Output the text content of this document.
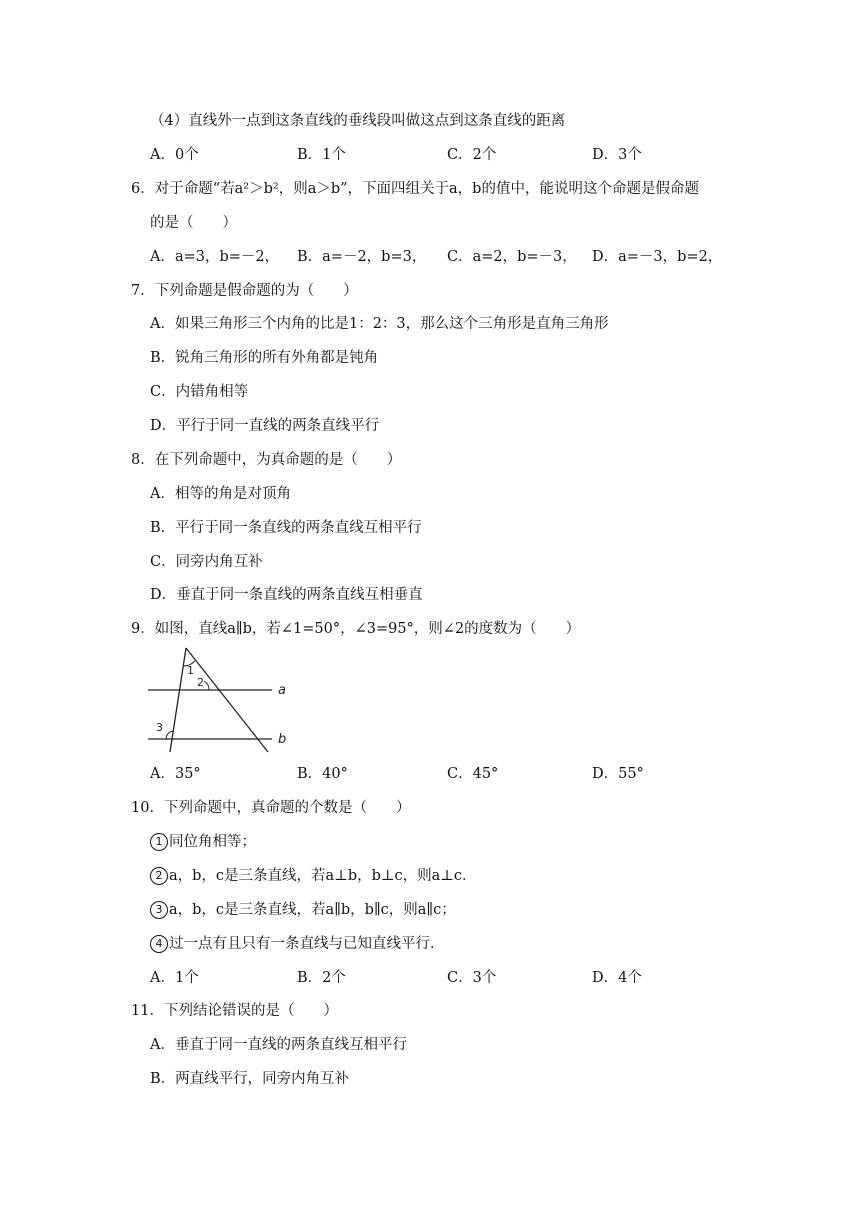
（4）直线外一点到这条直线的垂线段叫做这点到这条直线的距离
A．0个	B．1个	C．2个	D．3个
6．对于命题“若a²＞b²，则a＞b”，下面四组关于a，b的值中，能说明这个命题是假命题
的是（　　）
A．a=3，b=－2， B．a=－2，b=3， C．a=2，b=－3， D．a=－3，b=2，
7．下列命题是假命题的为（　　）
A．如果三角形三个内角的比是1：2：3，那么这个三角形是直角三角形
B．锐角三角形的所有外角都是钝角
C．内错角相等
D．平行于同一直线的两条直线平行
8．在下列命题中，为真命题的是（　　）
A．相等的角是对顶角
B．平行于同一条直线的两条直线互相平行
C．同旁内角互补
D．垂直于同一条直线的两条直线互相垂直
9．如图，直线a∥b，若∠1=50°，∠3=95°，则∠2的度数为（　　）
1
2
3
a
b
A．35°	B．40°	C．45°	D．55°
10．下列命题中，真命题的个数是（　　）
1 同位角相等；
2 a，b，c是三条直线，若a⊥b，b⊥c，则a⊥c．
3 a，b，c是三条直线，若a∥b，b∥c，则a∥c；
4 过一点有且只有一条直线与已知直线平行．
A．1个	B．2个	C．3个	D．4个
11．下列结论错误的是（　　）
A．垂直于同一直线的两条直线互相平行
B．两直线平行，同旁内角互补
